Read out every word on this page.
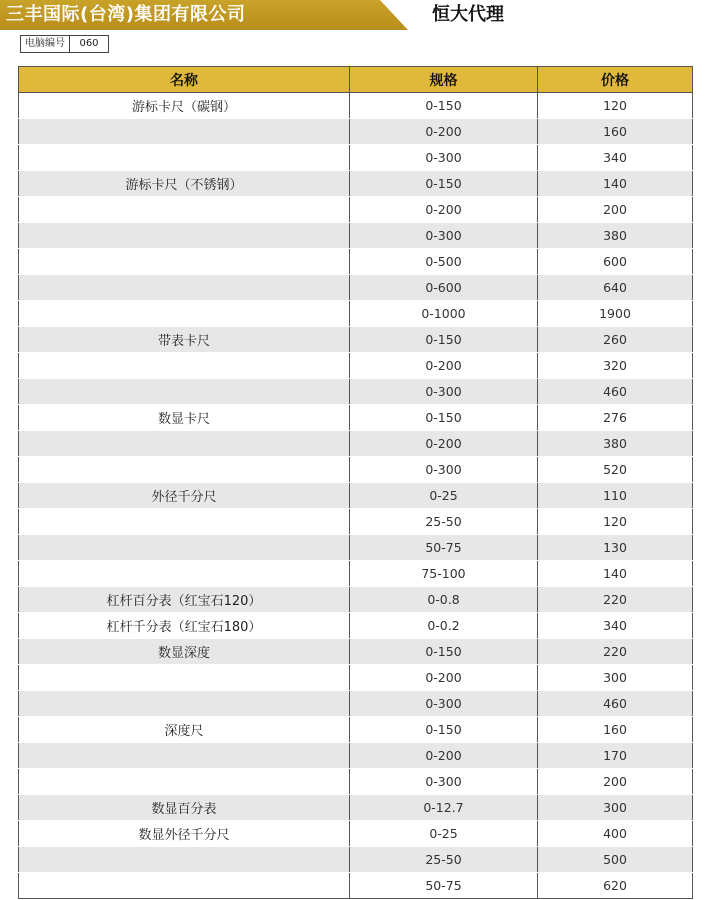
三丰国际(台湾)集团有限公司	恒大代理
电脑编号	060
名称	规格	价格
游标卡尺（碳钢）	0-150	120
	0-200	160
	0-300	340
游标卡尺（不锈钢）	0-150	140
	0-200	200
	0-300	380
	0-500	600
	0-600	640
	0-1000	1900
带表卡尺	0-150	260
	0-200	320
	0-300	460
数显卡尺	0-150	276
	0-200	380
	0-300	520
外径千分尺	0-25	110
	25-50	120
	50-75	130
	75-100	140
杠杆百分表（红宝石120）	0-0.8	220
杠杆千分表（红宝石180）	0-0.2	340
数显深度	0-150	220
	0-200	300
	0-300	460
深度尺	0-150	160
	0-200	170
	0-300	200
数显百分表	0-12.7	300
数显外径千分尺	0-25	400
	25-50	500
	50-75	620
